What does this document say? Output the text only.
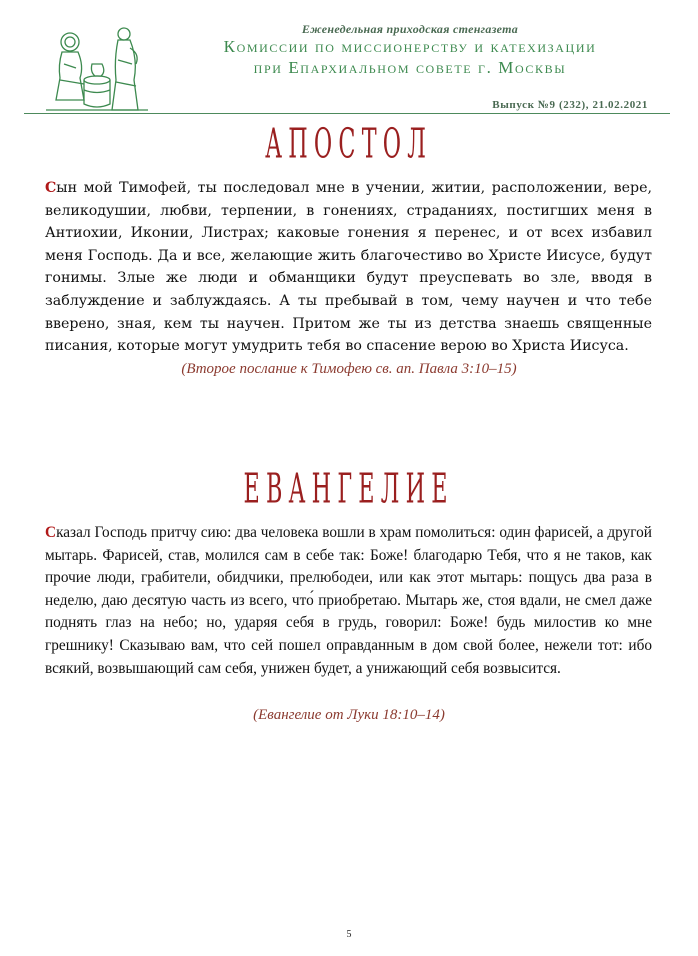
Еженедельная приходская стенгазета
Комиссии по миссионерству и катехизации
при Епархиальном совете г. Москвы
Выпуск №9 (232), 21.02.2021
АПОСТОЛ
Сын мой Тимофей, ты последовал мне в учении, житии, расположении, вере, великодушии, любви, терпении, в гонениях, страданиях, постигших меня в Антиохии, Иконии, Листрах; каковые гонения я перенес, и от всех избавил меня Господь. Да и все, желающие жить благочестиво во Христе Иисусе, будут гонимы. Злые же люди и обманщики будут преуспевать во зле, вводя в заблуждение и заблуждаясь. А ты пребывай в том, чему научен и что тебе вверено, зная, кем ты научен. Притом же ты из детства знаешь священные писания, которые могут умудрить тебя во спасение верою во Христа Иисуса.
(Второе послание к Тимофею св. ап. Павла 3:10–15)
ЕВАНГЕЛИЕ
Сказал Господь притчу сию: два человека вошли в храм помолиться: один фарисей, а другой мытарь. Фарисей, став, молился сам в себе так: Боже! благодарю Тебя, что я не таков, как прочие люди, грабители, обидчики, прелюбодеи, или как этот мытарь: пощусь два раза в неделю, даю десятую часть из всего, что́ приобретаю. Мытарь же, стоя вдали, не смел даже поднять глаз на небо; но, ударяя себя в грудь, говорил: Боже! будь милостив ко мне грешнику! Сказываю вам, что сей пошел оправданным в дом свой более, нежели тот: ибо всякий, возвышающий сам себя, унижен будет, а унижающий себя возвысится.
(Евангелие от Луки 18:10–14)
5
